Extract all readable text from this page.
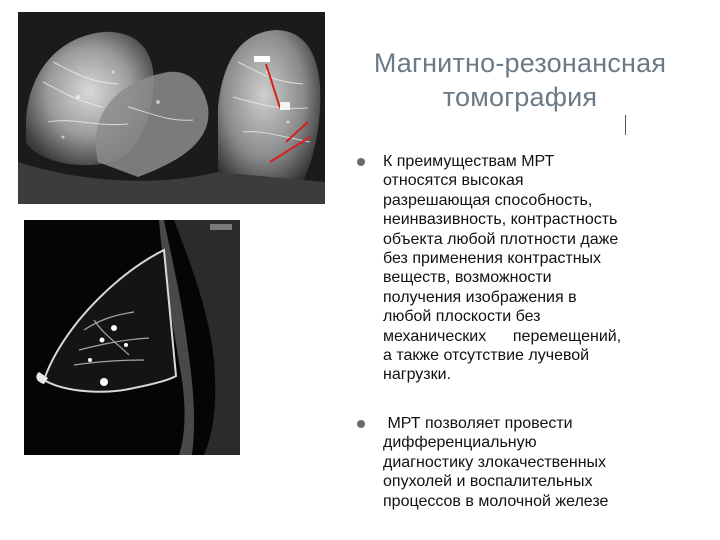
Магнитно-резонансная
томография
К преимуществам МРТ
относятся высокая
разрешающая способность,
неинвазивность, контрастность
объекта любой плотности даже
без применения контрастных
веществ, возможности
получения изображения в
любой плоскости без
механических      перемещений,
а также отсутствие лучевой
нагрузки.
МРТ позволяет провести
дифференциальную
диагностику злокачественных
опухолей и воспалительных
процессов в молочной железе
